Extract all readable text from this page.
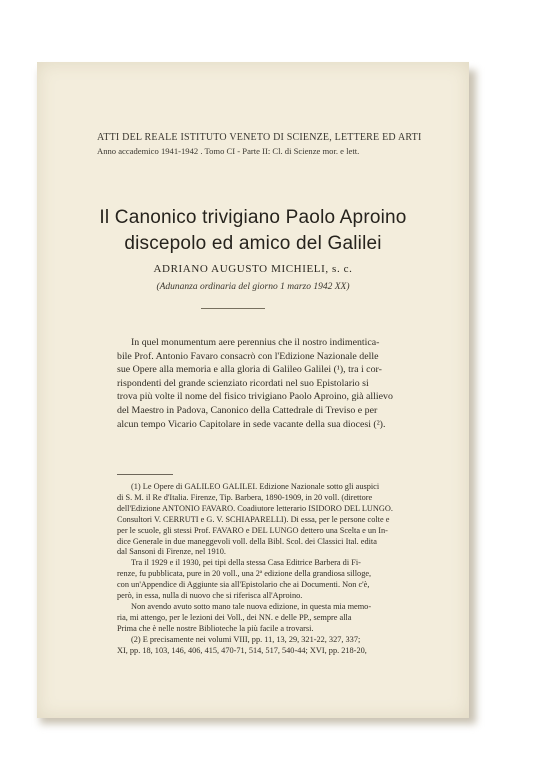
ATTI DEL REALE ISTITUTO VENETO DI SCIENZE, LETTERE ED ARTI
Anno accademico 1941-1942 . Tomo CI - Parte II: Cl. di Scienze mor. e lett.
Il Canonico trivigiano Paolo Aproino
discepolo ed amico del Galilei
ADRIANO AUGUSTO MICHIELI, s. c.
(Adunanza ordinaria del giorno 1 marzo 1942 XX)

In quel monumentum aere perennius che il nostro indimentica-

bile Prof. Antonio Favaro consacrò con l'Edizione Nazionale delle

sue Opere alla memoria e alla gloria di Galileo Galilei (¹), tra i cor-

rispondenti del grande scienziato ricordati nel suo Epistolario si

trova più volte il nome del fisico trivigiano Paolo Aproino, già allievo

del Maestro in Padova, Canonico della Cattedrale di Treviso e per

alcun tempo Vicario Capitolare in sede vacante della sua diocesi (²).

(1) Le Opere di GALILEO GALILEI. Edizione Nazionale sotto gli auspici

di S. M. il Re d'Italia. Firenze, Tip. Barbera, 1890-1909, in 20 voll. (direttore

dell'Edizione ANTONIO FAVARO. Coadiutore letterario ISIDORO DEL LUNGO.

Consultori V. CERRUTI e G. V. SCHIAPARELLI). Di essa, per le persone colte e

per le scuole, gli stessi Prof. FAVARO e DEL LUNGO dettero una Scelta e un In-

dice Generale in due maneggevoli voll. della Bibl. Scol. dei Classici Ital. edita

dal Sansoni di Firenze, nel 1910.

Tra il 1929 e il 1930, pei tipi della stessa Casa Editrice Barbera di Fi-

renze, fu pubblicata, pure in 20 voll., una 2ª edizione della grandiosa silloge,

con un'Appendice di Aggiunte sia all'Epistolario che ai Documenti. Non c'è,

però, in essa, nulla di nuovo che si riferisca all'Aproino.

Non avendo avuto sotto mano tale nuova edizione, in questa mia memo-

ria, mi attengo, per le lezioni dei Voll., dei NN. e delle PP., sempre alla

Prima che è nelle nostre Biblioteche la più facile a trovarsi.

(2) E precisamente nei volumi VIII, pp. 11, 13, 29, 321-22, 327, 337;

XI, pp. 18, 103, 146, 406, 415, 470-71, 514, 517, 540-44; XVI, pp. 218-20,
